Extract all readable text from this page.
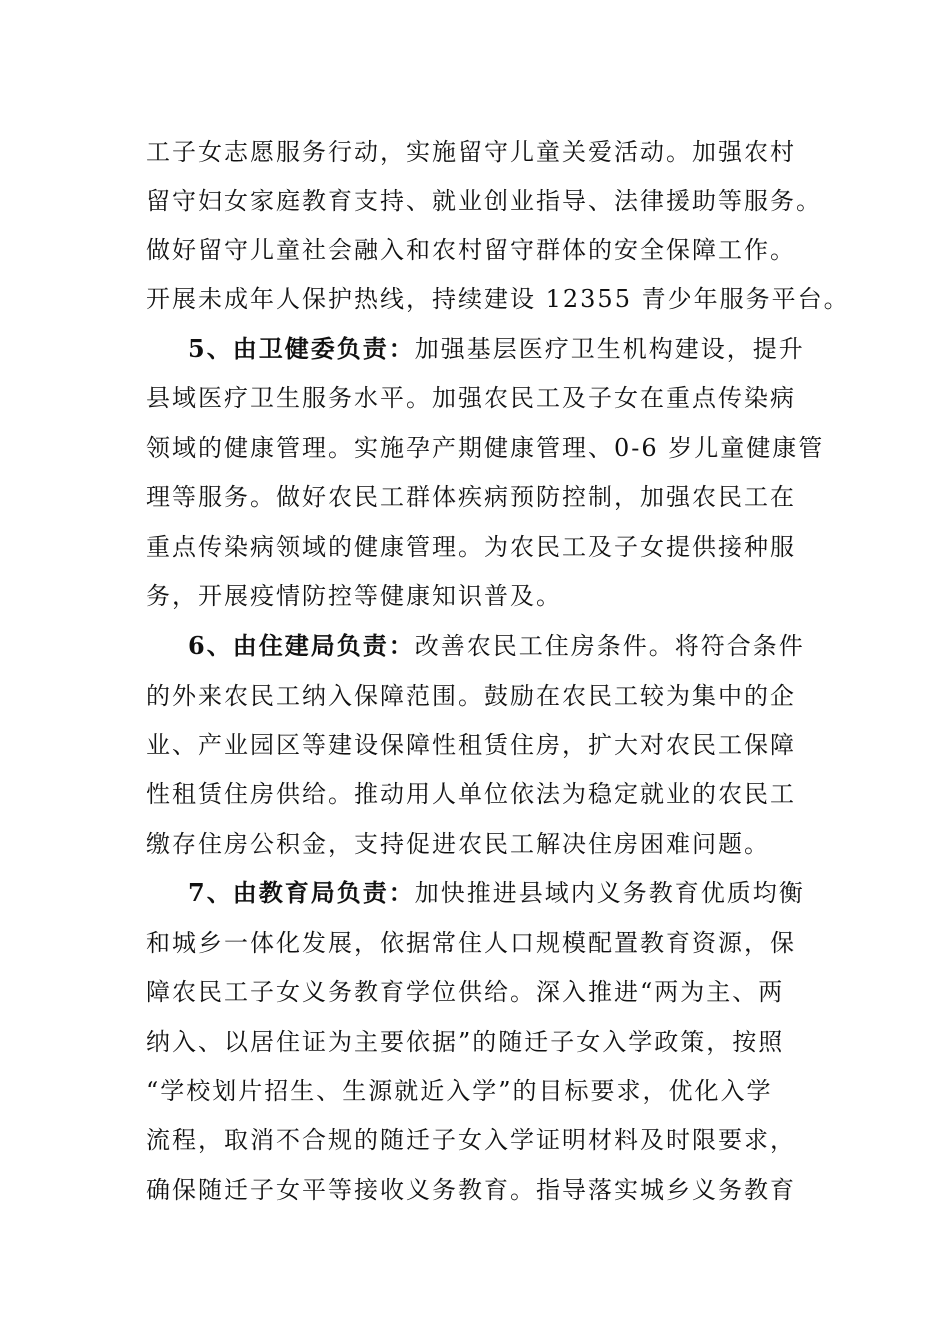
工子女志愿服务行动，实施留守儿童关爱活动。加强农村
留守妇女家庭教育支持、就业创业指导、法律援助等服务。
做好留守儿童社会融入和农村留守群体的安全保障工作。
开展未成年人保护热线，持续建设 12355 青少年服务平台。
5、由卫健委负责：加强基层医疗卫生机构建设，提升
县域医疗卫生服务水平。加强农民工及子女在重点传染病
领域的健康管理。实施孕产期健康管理、0-6 岁儿童健康管
理等服务。做好农民工群体疾病预防控制，加强农民工在
重点传染病领域的健康管理。为农民工及子女提供接种服
务，开展疫情防控等健康知识普及。
6、由住建局负责：改善农民工住房条件。将符合条件
的外来农民工纳入保障范围。鼓励在农民工较为集中的企
业、产业园区等建设保障性租赁住房，扩大对农民工保障
性租赁住房供给。推动用人单位依法为稳定就业的农民工
缴存住房公积金，支持促进农民工解决住房困难问题。
7、由教育局负责：加快推进县域内义务教育优质均衡
和城乡一体化发展，依据常住人口规模配置教育资源，保
障农民工子女义务教育学位供给。深入推进“两为主、两
纳入、以居住证为主要依据”的随迁子女入学政策，按照
“学校划片招生、生源就近入学”的目标要求，优化入学
流程，取消不合规的随迁子女入学证明材料及时限要求，
确保随迁子女平等接收义务教育。指导落实城乡义务教育
